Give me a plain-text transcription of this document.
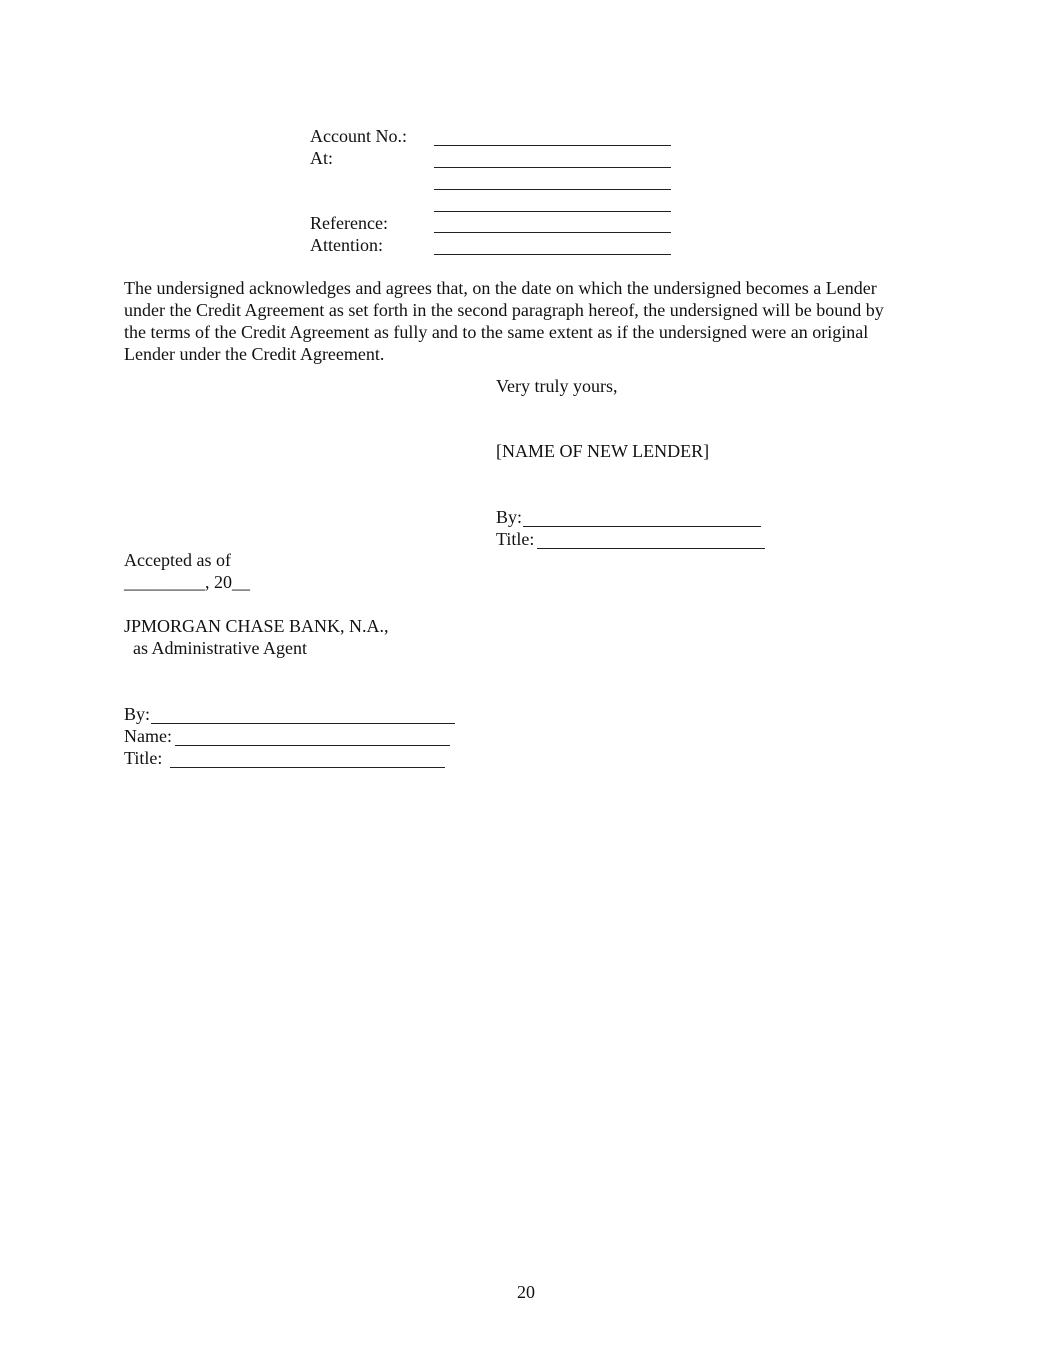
Account No.:
At:
Reference:
Attention:
The undersigned acknowledges and agrees that, on the date on which the undersigned becomes a Lender
under the Credit Agreement as set forth in the second paragraph hereof, the undersigned will be bound by
the terms of the Credit Agreement as fully and to the same extent as if the undersigned were an original
Lender under the Credit Agreement.
Very truly yours,
[NAME OF NEW LENDER]
By:
Title:
Accepted as of
_________, 20__
JPMORGAN CHASE BANK, N.A.,
as Administrative Agent
By:
Name:
Title:
20
